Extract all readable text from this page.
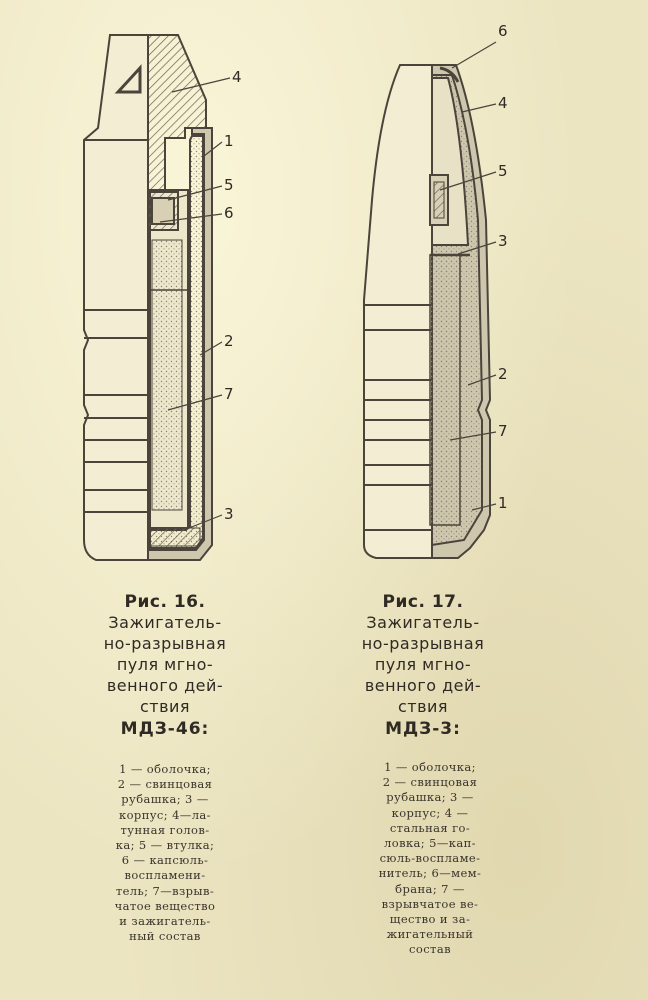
4
1
5
6
2
7
3
6
4
5
3
2
7
1
Рис. 16.
Зажигатель-
но-разрывная
пуля мгно-
венного дей-
ствия
МДЗ-46:
Рис. 17.
Зажигатель-
но-разрывная
пуля мгно-
венного дей-
ствия
МДЗ-3:
1 — оболочка;
2 — свинцовая
рубашка; 3 —
корпус; 4—ла-
тунная голов-
ка; 5 — втулка;
6 — капсюль-
воспламени-
тель; 7—взрыв-
чатое вещество
и зажигатель-
ный состав
1 — оболочка;
2 — свинцовая
рубашка; 3 —
корпус; 4 —
стальная го-
ловка; 5—кап-
сюль-воспламе-
нитель; 6—мем-
брана; 7 —
взрывчатое ве-
щество и за-
жигательный
состав
